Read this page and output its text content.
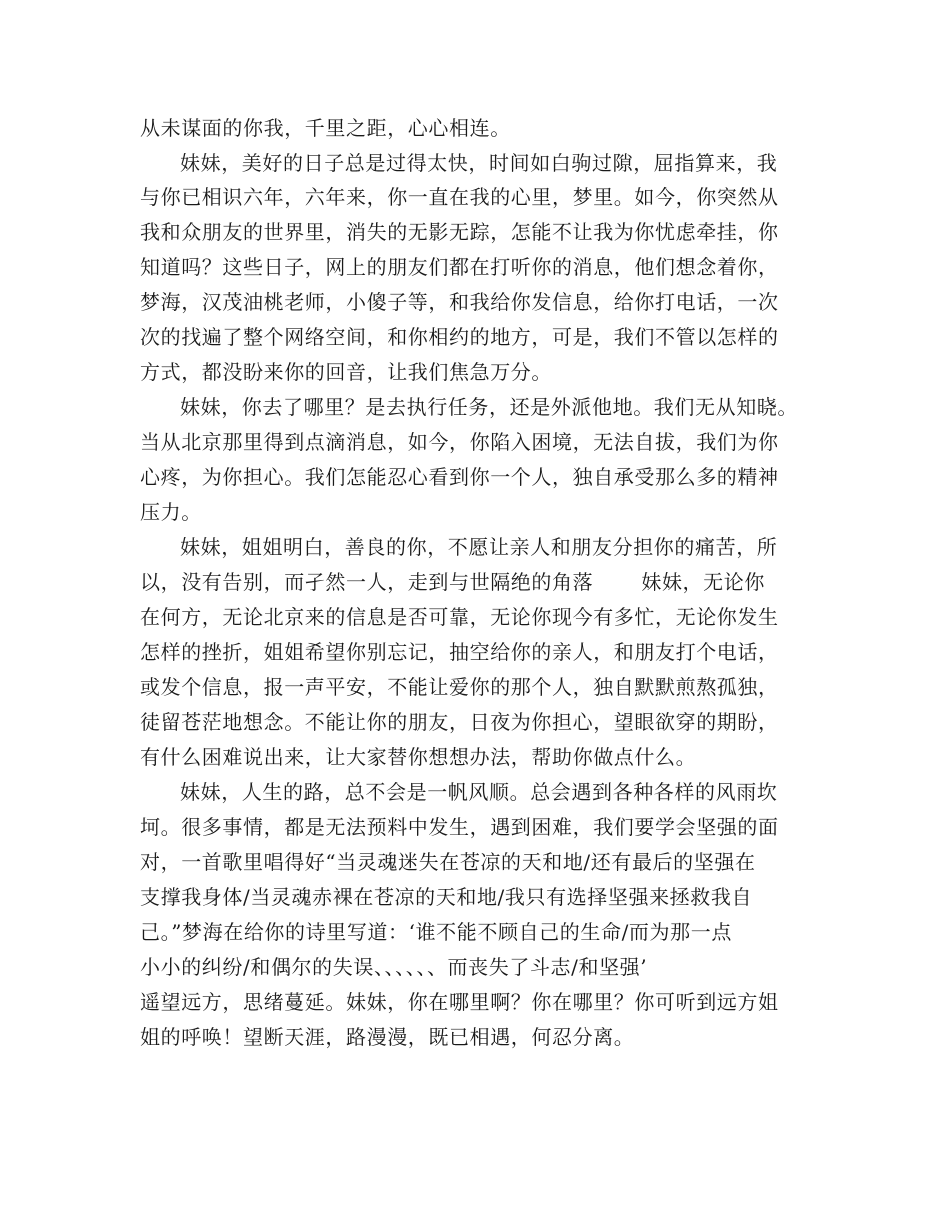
从未谋面的你我，千里之距，心心相连。
妹妹，美好的日子总是过得太快，时间如白驹过隙，屈指算来，我
与你已相识六年，六年来，你一直在我的心里，梦里。如今，你突然从
我和众朋友的世界里，消失的无影无踪，怎能不让我为你忧虑牵挂，你
知道吗？这些日子，网上的朋友们都在打听你的消息，他们想念着你，
梦海，汉茂油桃老师，小傻子等，和我给你发信息，给你打电话，一次
次的找遍了整个网络空间，和你相约的地方，可是，我们不管以怎样的
方式，都没盼来你的回音，让我们焦急万分。
妹妹，你去了哪里？是去执行任务，还是外派他地。我们无从知晓。
当从北京那里得到点滴消息，如今，你陷入困境，无法自拔，我们为你
心疼，为你担心。我们怎能忍心看到你一个人，独自承受那么多的精神
压力。
妹妹，姐姐明白，善良的你，不愿让亲人和朋友分担你的痛苦，所
以，没有告别，而孑然一人，走到与世隔绝的角落 　　妹妹，无论你
在何方，无论北京来的信息是否可靠，无论你现今有多忙，无论你发生
怎样的挫折，姐姐希望你别忘记，抽空给你的亲人，和朋友打个电话，
或发个信息，报一声平安，不能让爱你的那个人，独自默默煎熬孤独，
徒留苍茫地想念。不能让你的朋友，日夜为你担心，望眼欲穿的期盼，
有什么困难说出来，让大家替你想想办法，帮助你做点什么。
妹妹，人生的路，总不会是一帆风顺。总会遇到各种各样的风雨坎
坷。很多事情，都是无法预料中发生，遇到困难，我们要学会坚强的面
对，一首歌里唱得好“当灵魂迷失在苍凉的天和地/还有最后的坚强在
支撑我身体/当灵魂赤裸在苍凉的天和地/我只有选择坚强来拯救我自
己。”梦海在给你的诗里写道：‘谁不能不顾自己的生命/而为那一点
小小的纠纷/和偶尔的失误、、、、、、而丧失了斗志/和坚强’
遥望远方，思绪蔓延。妹妹，你在哪里啊？你在哪里？你可听到远方姐
姐的呼唤！望断天涯，路漫漫，既已相遇，何忍分离。
